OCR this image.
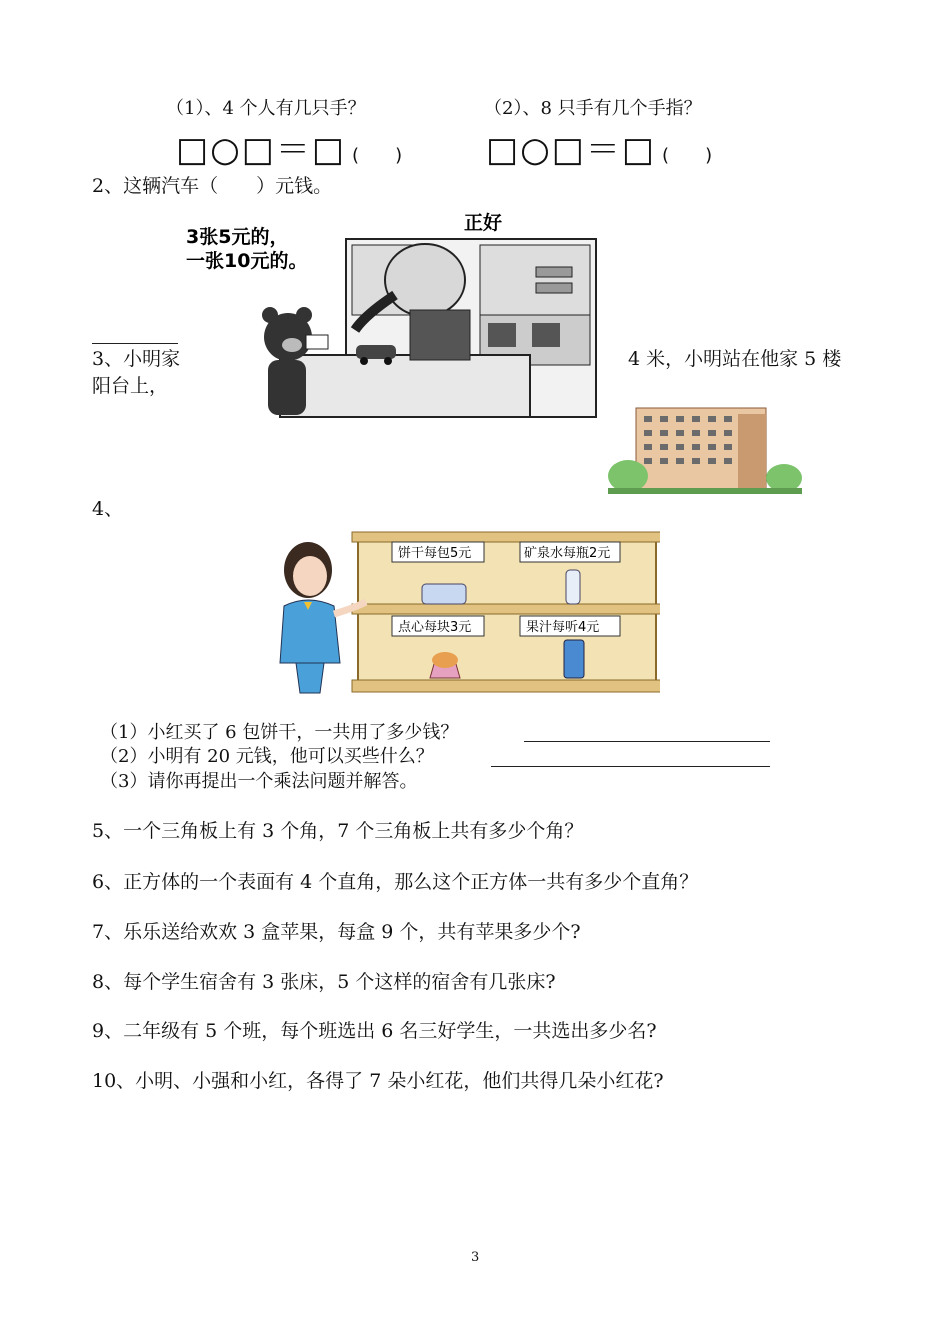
（1）、4 个人有几只手？	（2）、8 只手有几个手指？
□○□＝□ (　　) □○□＝□ (　　)
2、这辆汽车（　　）元钱。
3张5元的，
一张10元的。
正好
3、小明家
阳台上，
4 米，小明站在他家 5 楼
4、
饼干每包5元	矿泉水每瓶2元
点心每块3元	果汁每听4元
（1）小红买了 6 包饼干，一共用了多少钱？
（2）小明有 20 元钱，他可以买些什么？
（3）请你再提出一个乘法问题并解答。
5、一个三角板上有 3 个角，7 个三角板上共有多少个角？
6、正方体的一个表面有 4 个直角，那么这个正方体一共有多少个直角？
7、乐乐送给欢欢 3 盒苹果，每盒 9 个，共有苹果多少个?
8、每个学生宿舍有 3 张床，5 个这样的宿舍有几张床?
9、二年级有 5 个班，每个班选出 6 名三好学生，一共选出多少名?
10、小明、小强和小红，各得了 7 朵小红花，他们共得几朵小红花?
3
